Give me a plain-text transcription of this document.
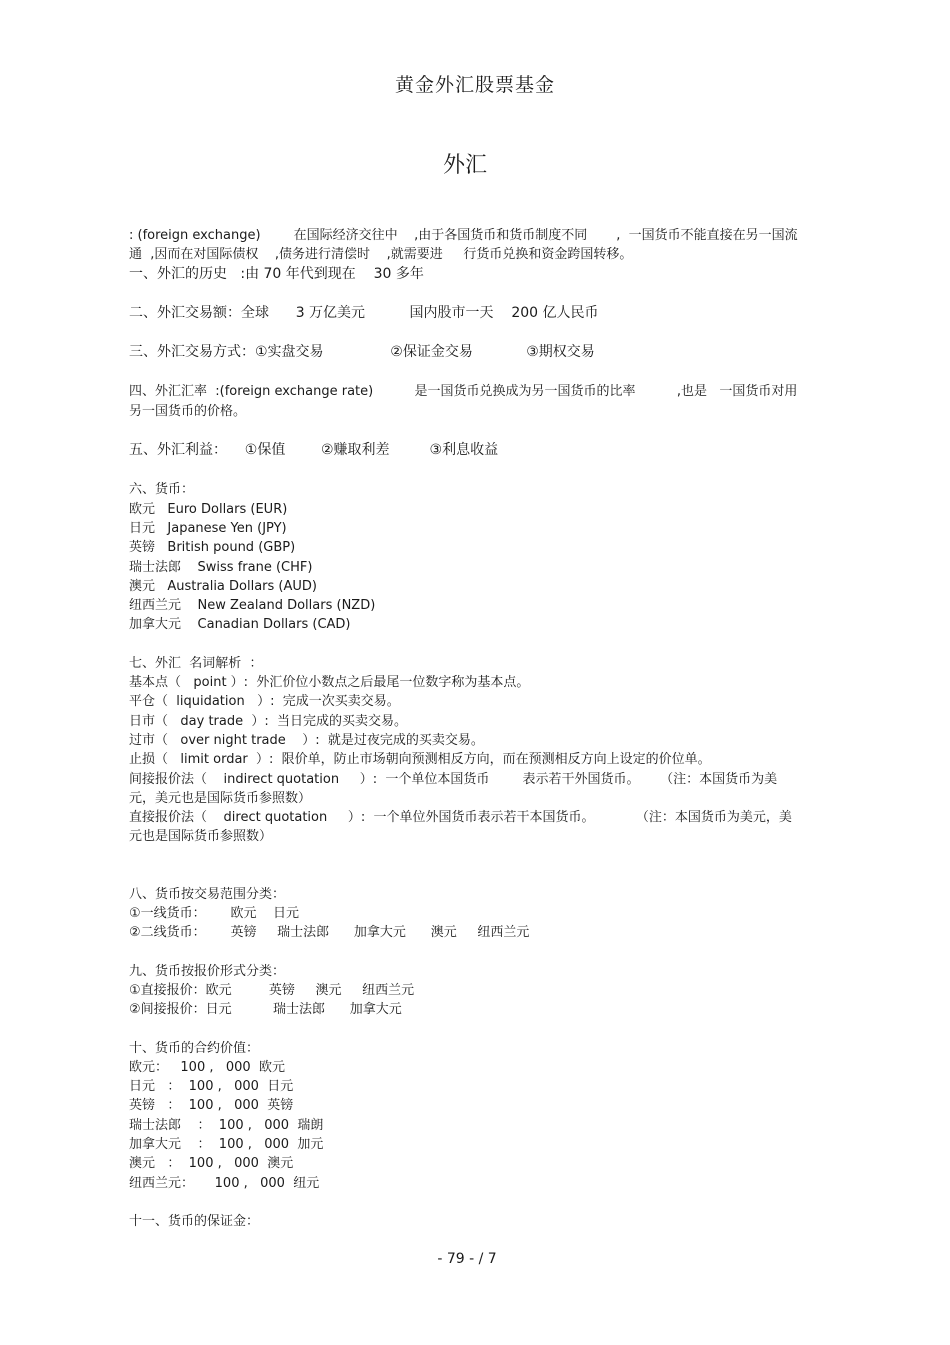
黄金外汇股票基金
外汇

: (foreign exchange)        在国际经济交往中    ,由于各国货币和货币制度不同       ,  一国货币不能直接在另一国流通  ,因而在对国际债权    ,债务进行清偿时    ,就需要进     行货币兑换和资金跨国转移。

一、外汇的历史   :由 70 年代到现在    30 多年

二、外汇交易额：全球      3 万亿美元          国内股市一天    200 亿人民币

三、外汇交易方式：①实盘交易               ②保证金交易            ③期权交易

四、外汇汇率  :(foreign exchange rate)          是一国货币兑换成为另一国货币的比率          ,也是   一国货币对用另一国货币的价格。

五、外汇利益：    ①保值        ②赚取利差         ③利息收益

六、货币：

欧元   Euro Dollars (EUR)

日元   Japanese Yen (JPY)

英镑   British pound (GBP)

瑞士法郎    Swiss frane (CHF)

澳元   Australia Dollars (AUD)

纽西兰元    New Zealand Dollars (NZD)

加拿大元    Canadian Dollars (CAD)

七、外汇  名词解析  ：

基本点（   point ）:  外汇价位小数点之后最尾一位数字称为基本点。

平仓（  liquidation   ）:  完成一次买卖交易。

日市（   day trade  ）:  当日完成的买卖交易。

过市（   over night trade    ）:  就是过夜完成的买卖交易。

止损（   limit ordar  ）:  限价单，防止市场朝向预测相反方向，而在预测相反方向上设定的价位单。

间接报价法（    indirect quotation     ）:  一个单位本国货币        表示若干外国货币。     （注：本国货币为美元，美元也是国际货币参照数）

直接报价法（    direct quotation     ）:  一个单位外国货币表示若干本国货币。          （注：本国货币为美元，美元也是国际货币参照数）

八、货币按交易范围分类：

①一线货币：      欧元    日元

②二线货币：      英镑     瑞士法郎      加拿大元      澳元     纽西兰元

九、货币按报价形式分类：

①直接报价：欧元         英镑     澳元     纽西兰元

②间接报价：日元          瑞士法郎      加拿大元

十、货币的合约价值：

欧元：   100 ,   000  欧元

日元   ：  100 ,   000  日元

英镑   ：  100 ,   000  英镑

瑞士法郎    ：  100 ,   000  瑞朗

加拿大元    ：  100 ,   000  加元

澳元   ：  100 ,   000  澳元

纽西兰元：     100 ,   000  纽元

十一、货币的保证金：

- 79 - / 7
